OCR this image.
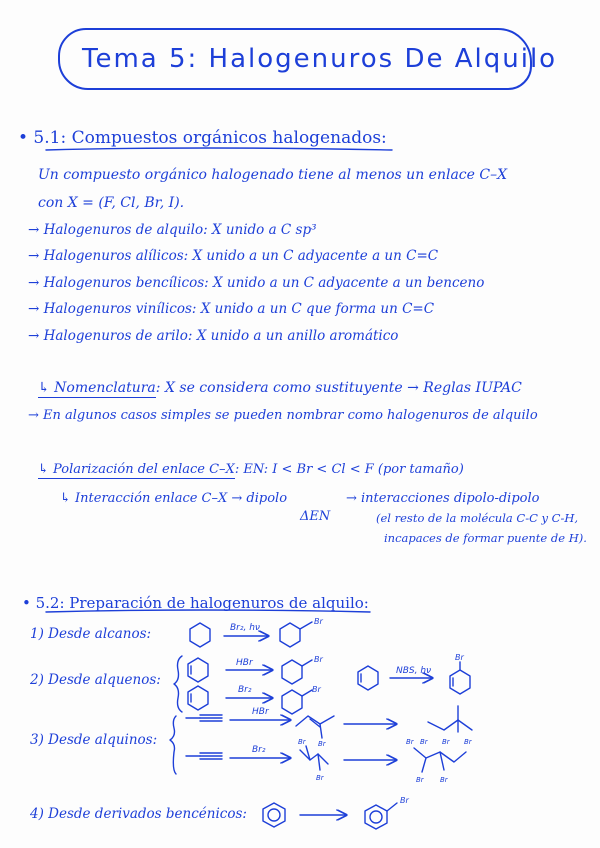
Tema 5: Halogenuros De Alquilo
• 5.1: Compuestos orgánicos halogenados:
Un compuesto orgánico halogenado tiene al menos un enlace C–X
con X = (F, Cl, Br, I).
→ Halogenuros de alquilo: X unido a C sp³
→ Halogenuros alílicos: X unido a un C adyacente a un C=C
→ Halogenuros bencílicos: X unido a un C adyacente a un benceno
→ Halogenuros vinílicos: X unido a un C que forma un C=C
→ Halogenuros de arilo: X unido a un anillo aromático
↳ Nomenclatura: X se considera como sustituyente → Reglas IUPAC
→ En algunos casos simples se pueden nombrar como halogenuros de alquilo
↳ Polarización del enlace C–X: EN: I < Br < Cl < F (por tamaño)
↳ Interacción enlace C–X → dipolo
ΔEN
→ interacciones dipolo-dipolo
(el resto de la molécula C-C y C-H,
incapaces de formar puente de H).
• 5.2: Preparación de halogenuros de alquilo:
1) Desde alcanos:
2) Desde alquenos:
3) Desde alquinos:
4) Desde derivados bencénicos:
Br₂, hν
Br
HBr
Br₂
Br
Br
NBS, hν
Br
HBr
Br	Br
Br
Br₂
Br
Br
Br Br
Br Br
Br
